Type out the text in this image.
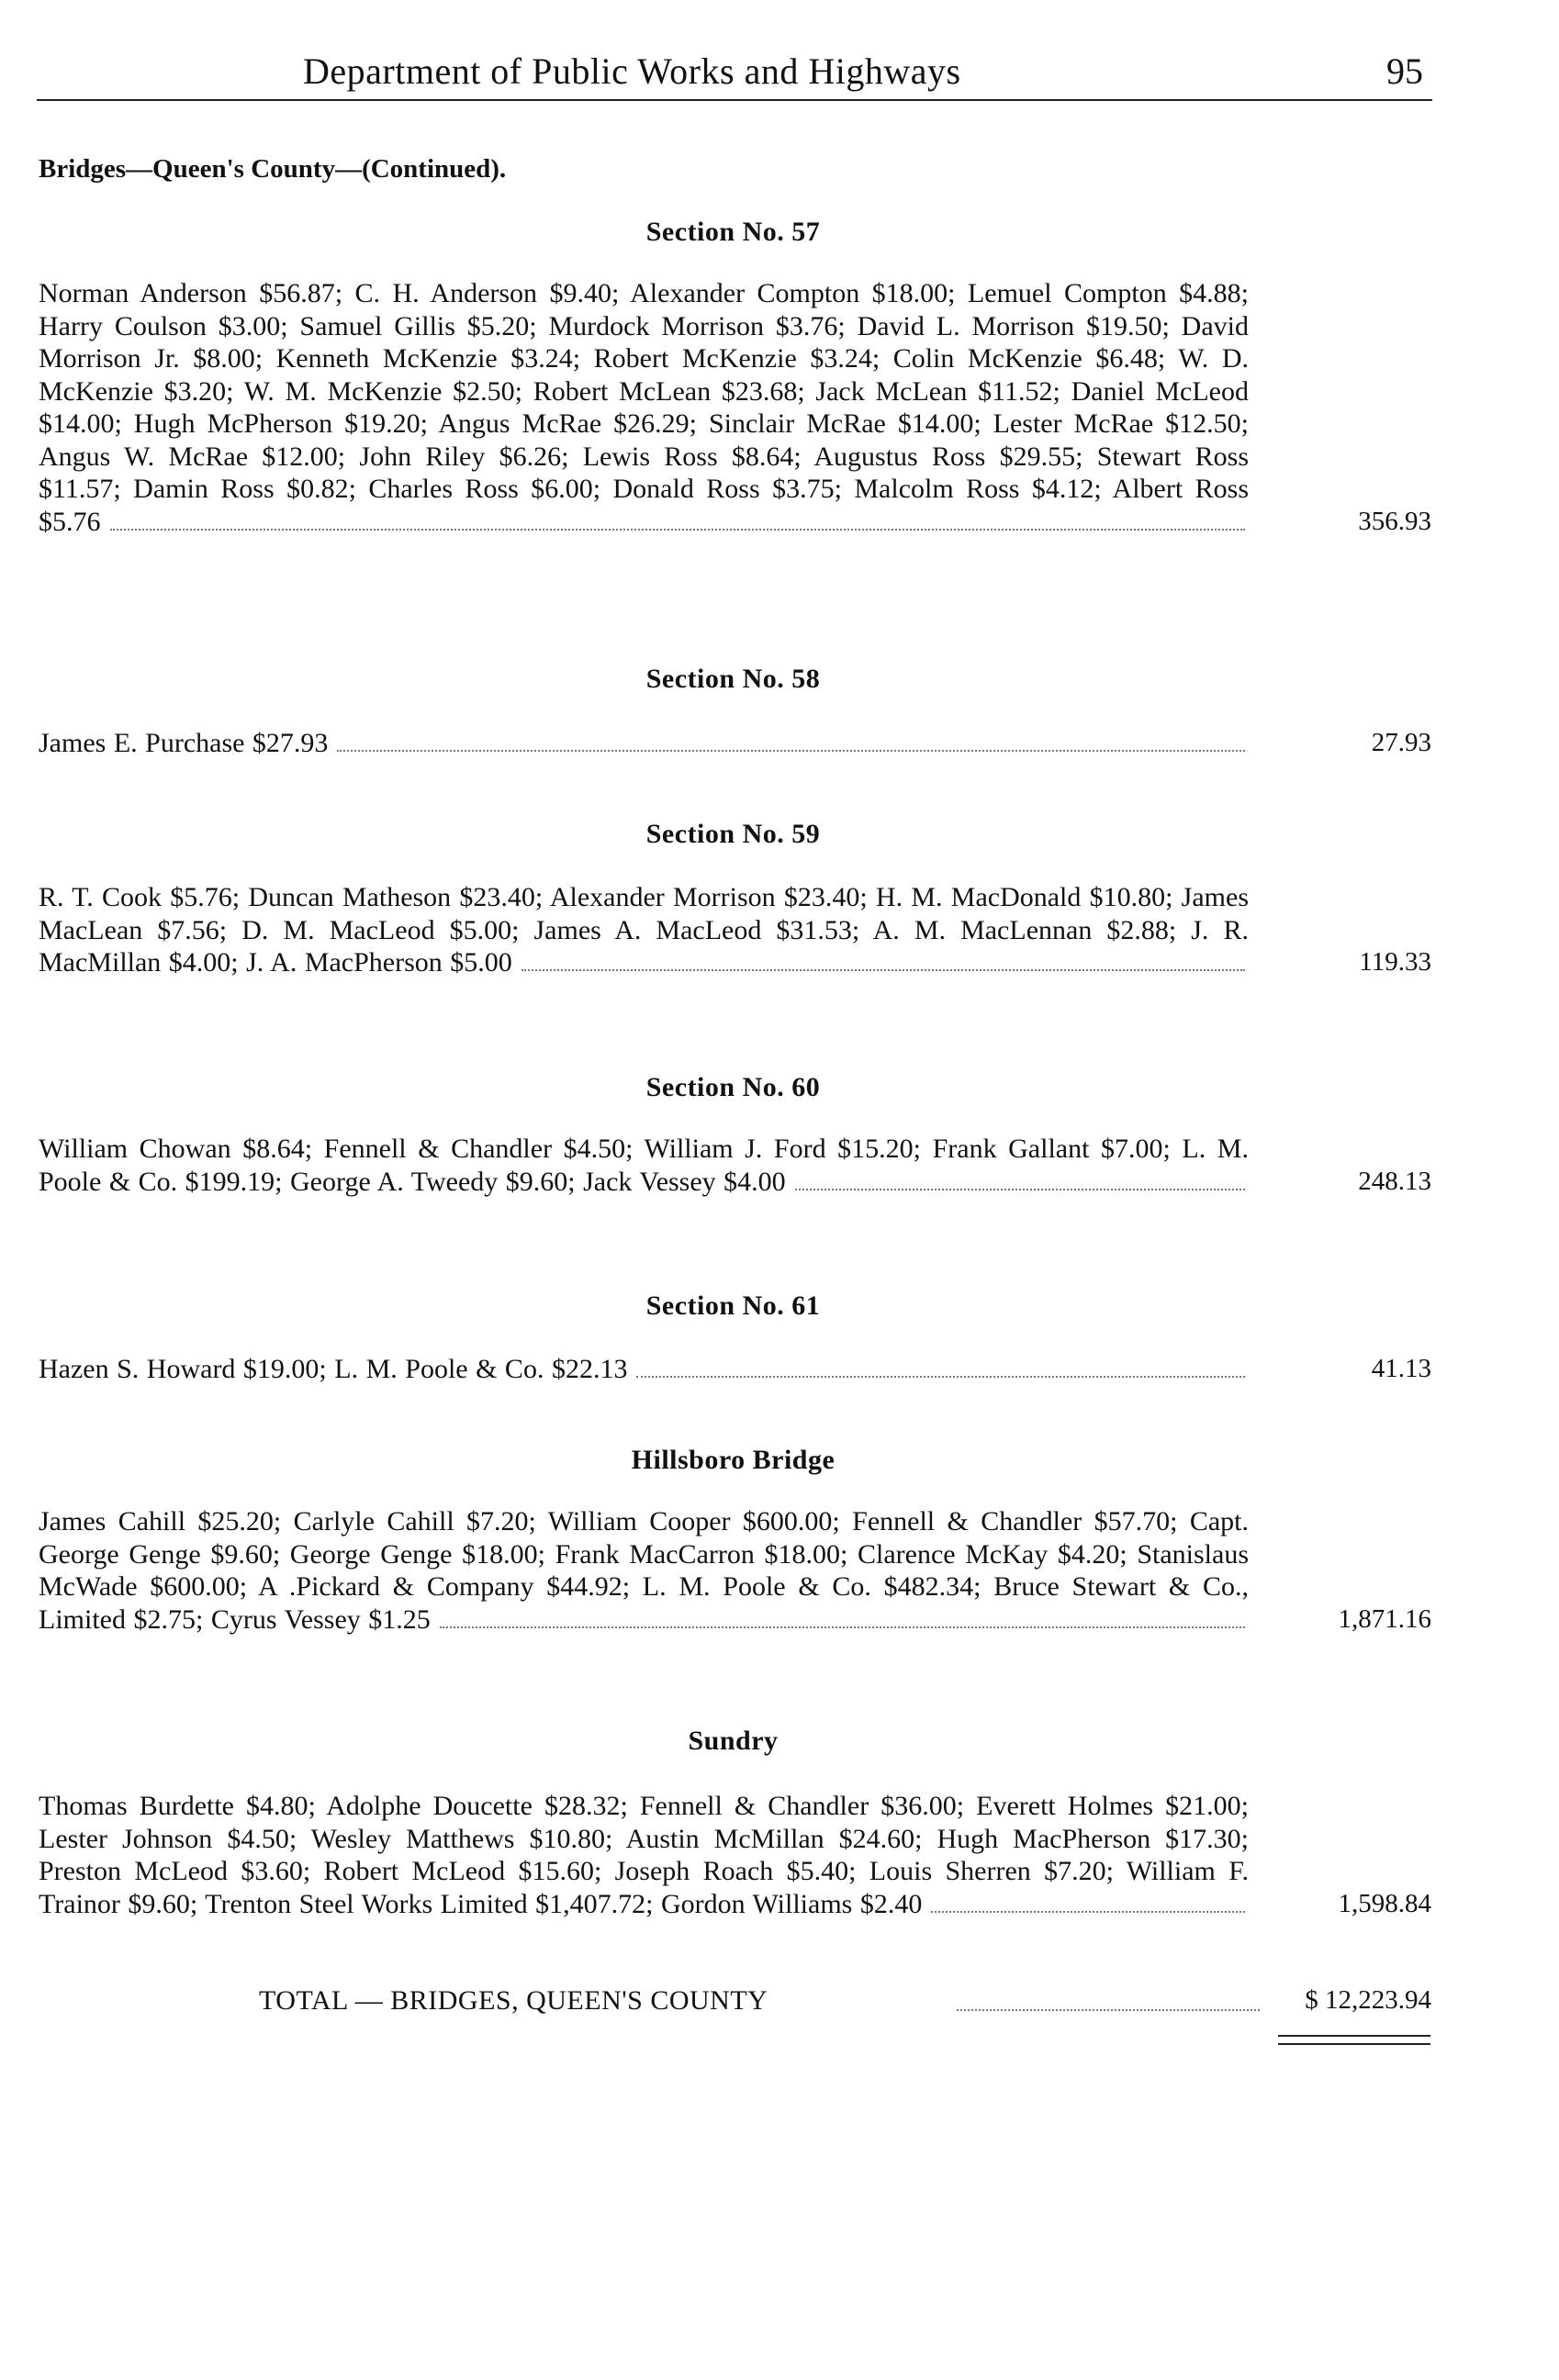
Department of Public Works and Highways	95
Bridges—Queen's County—(Continued).
Section No. 57
Norman Anderson $56.87; C. H. Anderson $9.40; Alexander Compton $18.00; Lemuel Compton $4.88; Harry Coulson $3.00; Samuel Gillis $5.20; Murdock Morrison $3.76; David L. Morrison $19.50; David Morrison Jr. $8.00; Kenneth McKenzie $3.24; Robert McKenzie $3.24; Colin McKenzie $6.48; W. D. McKenzie $3.20; W. M. McKenzie $2.50; Robert McLean $23.68; Jack McLean $11.52; Daniel McLeod $14.00; Hugh McPherson $19.20; Angus McRae $26.29; Sinclair McRae $14.00; Lester McRae $12.50; Angus W. McRae $12.00; John Riley $6.26; Lewis Ross $8.64; Augustus Ross $29.55; Stewart Ross $11.57; Damin Ross $0.82; Charles Ross $6.00; Donald Ross $3.75; Malcolm Ross $4.12; Albert Ross $5.76	356.93
Section No. 58
James E. Purchase $27.93	27.93
Section No. 59
R. T. Cook $5.76; Duncan Matheson $23.40; Alexander Morrison $23.40; H. M. MacDonald $10.80; James MacLean $7.56; D. M. MacLeod $5.00; James A. MacLeod $31.53; A. M. MacLennan $2.88; J. R. MacMillan $4.00; J. A. MacPherson $5.00	119.33
Section No. 60
William Chowan $8.64; Fennell & Chandler $4.50; William J. Ford $15.20; Frank Gallant $7.00; L. M. Poole & Co. $199.19; George A. Tweedy $9.60; Jack Vessey $4.00	248.13
Section No. 61
Hazen S. Howard $19.00; L. M. Poole & Co. $22.13	41.13
Hillsboro Bridge
James Cahill $25.20; Carlyle Cahill $7.20; William Cooper $600.00; Fennell & Chandler $57.70; Capt. George Genge $9.60; George Genge $18.00; Frank MacCarron $18.00; Clarence McKay $4.20; Stanislaus McWade $600.00; A .Pickard & Company $44.92; L. M. Poole & Co. $482.34; Bruce Stewart & Co., Limited $2.75; Cyrus Vessey $1.25	1,871.16
Sundry
Thomas Burdette $4.80; Adolphe Doucette $28.32; Fennell & Chandler $36.00; Everett Holmes $21.00; Lester Johnson $4.50; Wesley Matthews $10.80; Austin McMillan $24.60; Hugh MacPherson $17.30; Preston McLeod $3.60; Robert McLeod $15.60; Joseph Roach $5.40; Louis Sherren $7.20; William F. Trainor $9.60; Trenton Steel Works Limited $1,407.72; Gordon Williams $2.40	1,598.84
TOTAL — BRIDGES, QUEEN'S COUNTY	$ 12,223.94
